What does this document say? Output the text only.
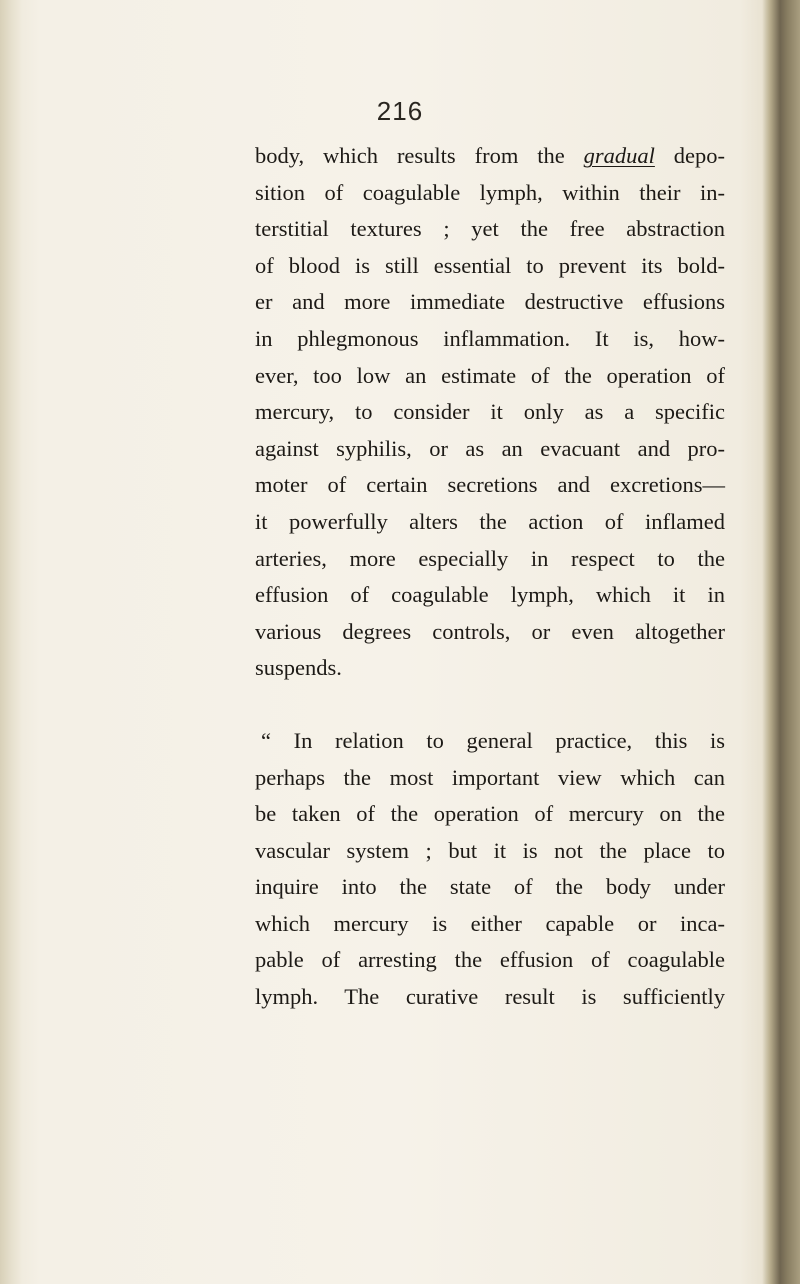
216
body, which results from the gradual depo-
sition of coagulable lymph, within their in-
terstitial textures ; yet the free abstraction
of blood is still essential to prevent its bold-
er and more immediate destructive effusions
in phlegmonous inflammation. It is, how-
ever, too low an estimate of the operation of
mercury, to consider it only as a specific
against syphilis, or as an evacuant and pro-
moter of certain secretions and excretions—
it powerfully alters the action of inflamed
arteries, more especially in respect to the
effusion of coagulable lymph, which it in
various degrees controls, or even altogether
suspends.
“ In relation to general practice, this is
perhaps the most important view which can
be taken of the operation of mercury on the
vascular system ; but it is not the place to
inquire into the state of the body under
which mercury is either capable or inca-
pable of arresting the effusion of coagulable
lymph. The curative result is sufficiently
